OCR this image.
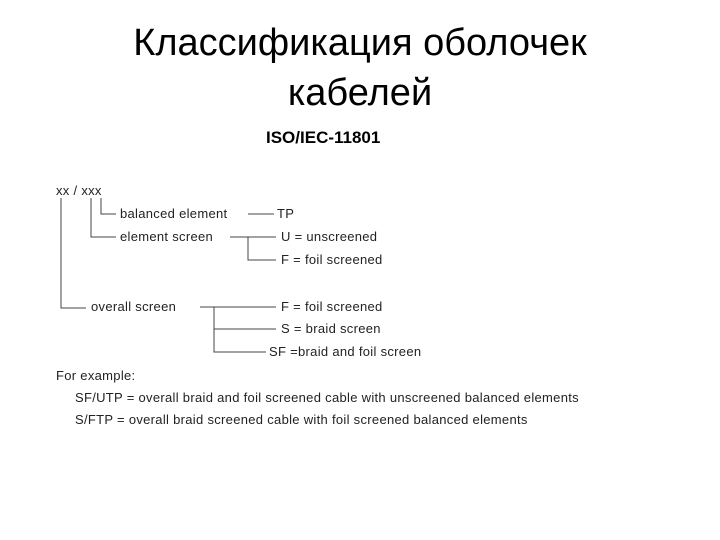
Классификация оболочек
кабелей
ISO/IEC-11801
xx / xxx
balanced element	TP
element screen	U = unscreened
F = foil screened
overall screen	F = foil screened
S = braid screen
SF =braid and foil screen
For example:
SF/UTP = overall braid and foil screened cable with unscreened balanced elements
S/FTP = overall braid screened cable with foil screened balanced elements
